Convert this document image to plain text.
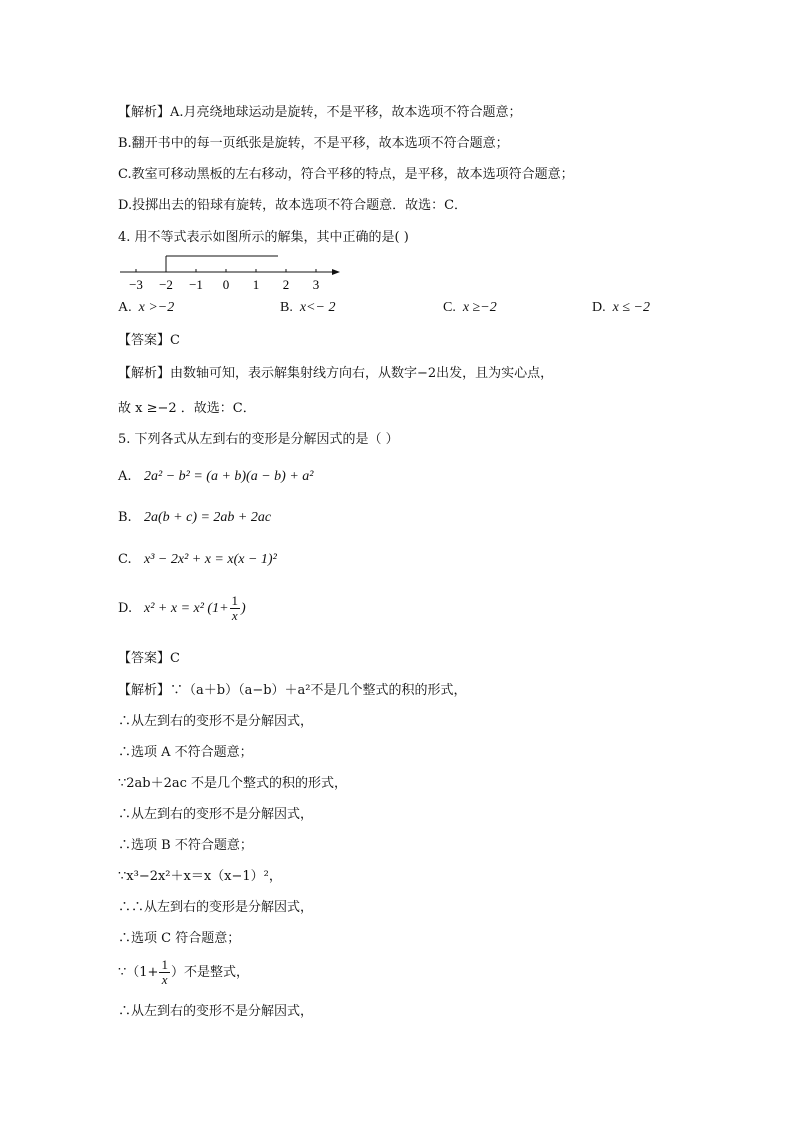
【解析】A.月亮绕地球运动是旋转，不是平移，故本选项不符合题意；
B.翻开书中的每一页纸张是旋转，不是平移，故本选项不符合题意；
C.教室可移动黑板的左右移动，符合平移的特点，是平移，故本选项符合题意；
D.投掷出去的铅球有旋转，故本选项不符合题意．故选：C．
4. 用不等式表示如图所示的解集，其中正确的是( )
−3 −2 −1 0 1 2 3
A. x >−2	B. x<− 2	C. x ≥−2	D. x ≤ −2
【答案】C
【解析】由数轴可知，表示解集射线方向右，从数字−2出发，且为实心点，
故 x ≥−2 ．故选：C．
5. 下列各式从左到右的变形是分解因式的是（ ）
A. 2a² − b² = (a + b)(a − b) + a²
B. 2a(b + c) = 2ab + 2ac
C. x³ − 2x² + x = x(x − 1)²
D. x² + x = x² ($1+ \frac{1}{x}$ )
【答案】C
【解析】∵（a＋b）（a−b）＋a²不是几个整式的积的形式，
∴从左到右的变形不是分解因式，
∴选项 A 不符合题意；
∵2ab＋2ac 不是几个整式的积的形式，
∴从左到右的变形不是分解因式，
∴选项 B 不符合题意；
∵x³−2x²＋x＝x（x−1）²，
∴∴从左到右的变形是分解因式，
∴选项 C 符合题意；
∵（1+ $\frac{1}{x}$ ）不是整式，
∴从左到右的变形不是分解因式，
